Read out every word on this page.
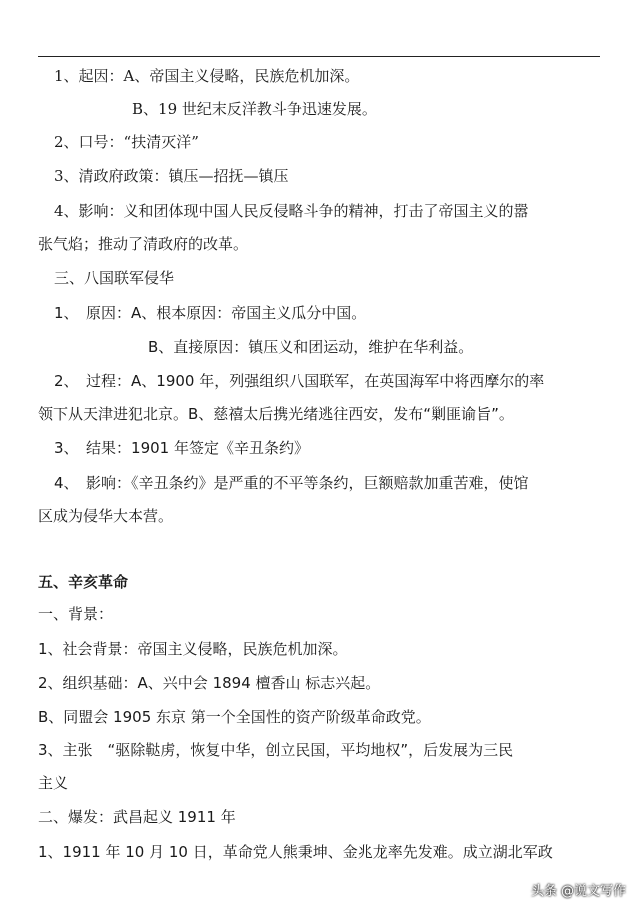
1、起因：A、帝国主义侵略，民族危机加深。
B、19 世纪末反洋教斗争迅速发展。
2、口号：“扶清灭洋”
3、清政府政策：镇压—招抚—镇压
4、影响：义和团体现中国人民反侵略斗争的精神，打击了帝国主义的嚣
张气焰；推动了清政府的改革。
三、八国联军侵华
1、　原因：A、根本原因：帝国主义瓜分中国。
B、直接原因：镇压义和团运动，维护在华利益。
2、　过程：A、1900 年，列强组织八国联军，在英国海军中将西摩尔的率
领下从天津进犯北京。B、慈禧太后携光绪逃往西安，发布“剿匪谕旨”。
3、　结果：1901 年签定《辛丑条约》
4、　影响：《辛丑条约》是严重的不平等条约，巨额赔款加重苦难，使馆
区成为侵华大本营。
五、辛亥革命
一、背景：
1、社会背景：帝国主义侵略，民族危机加深。
2、组织基础：A、兴中会 1894 檀香山 标志兴起。
B、同盟会 1905 东京 第一个全国性的资产阶级革命政党。
3、主张　“驱除鞑虏，恢复中华，创立民国，平均地权”，后发展为三民
主义
二、爆发：武昌起义 1911 年
1、1911 年 10 月 10 日，革命党人熊秉坤、金兆龙率先发难。成立湖北军政
头条 @说文写作
